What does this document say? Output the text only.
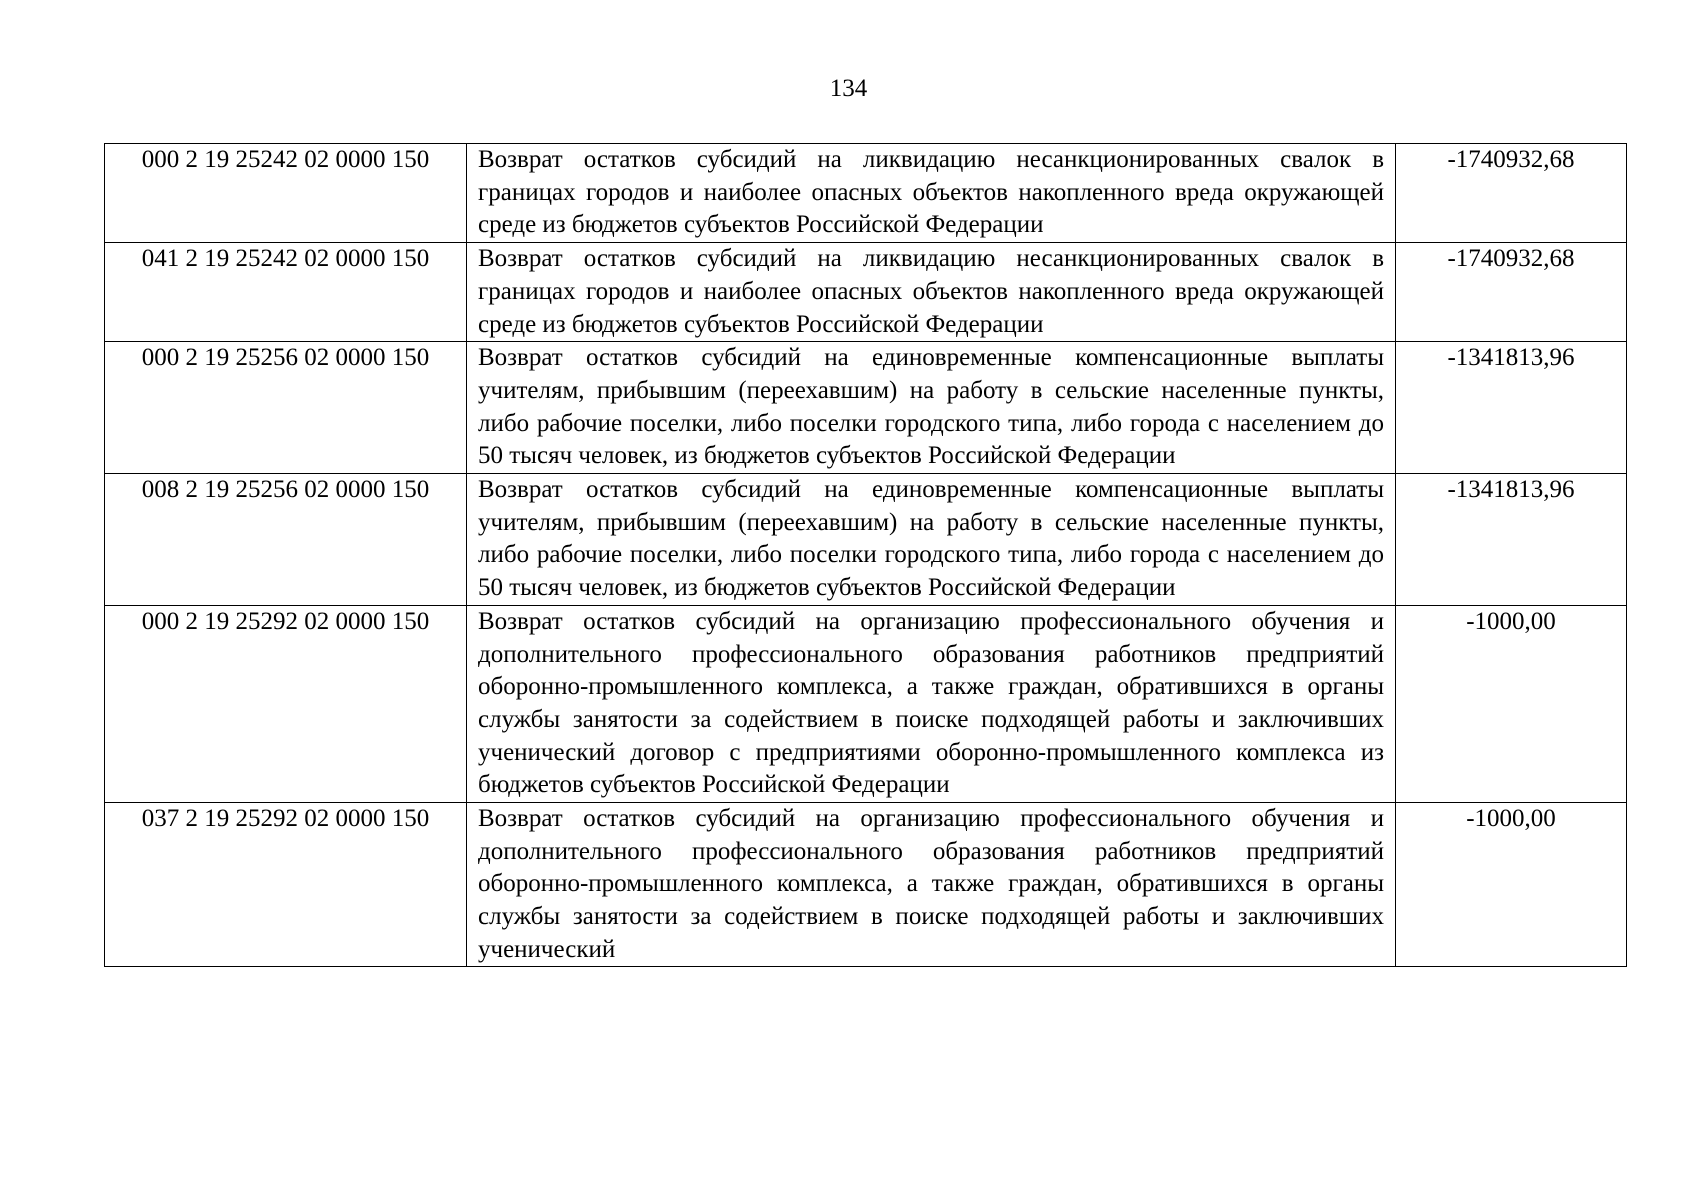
134
000 2 19 25242 02 0000 150	Возврат остатков субсидий на ликвидацию несанкционированных свалок в границах городов и наиболее опасных объектов накопленного вреда окружающей среде из бюджетов субъектов Российской Федерации	-1740932,68
041 2 19 25242 02 0000 150	Возврат остатков субсидий на ликвидацию несанкционированных свалок в границах городов и наиболее опасных объектов накопленного вреда окружающей среде из бюджетов субъектов Российской Федерации	-1740932,68
000 2 19 25256 02 0000 150	Возврат остатков субсидий на единовременные компенсационные выплаты учителям, прибывшим (переехавшим) на работу в сельские населенные пункты, либо рабочие поселки, либо поселки городского типа, либо города с населением до 50 тысяч человек, из бюджетов субъектов Российской Федерации	-1341813,96
008 2 19 25256 02 0000 150	Возврат остатков субсидий на единовременные компенсационные выплаты учителям, прибывшим (переехавшим) на работу в сельские населенные пункты, либо рабочие поселки, либо поселки городского типа, либо города с населением до 50 тысяч человек, из бюджетов субъектов Российской Федерации	-1341813,96
000 2 19 25292 02 0000 150	Возврат остатков субсидий на организацию профессионального обучения и дополнительного профессионального образования работников предприятий оборонно-промышленного комплекса, а также граждан, обратившихся в органы службы занятости за содействием в поиске подходящей работы и заключивших ученический договор с предприятиями оборонно-промышленного комплекса из бюджетов субъектов Российской Федерации	-1000,00
037 2 19 25292 02 0000 150	Возврат остатков субсидий на организацию профессионального обучения и дополнительного профессионального образования работников предприятий оборонно-промышленного комплекса, а также граждан, обратившихся в органы службы занятости за содействием в поиске подходящей работы и заключивших ученический	-1000,00
